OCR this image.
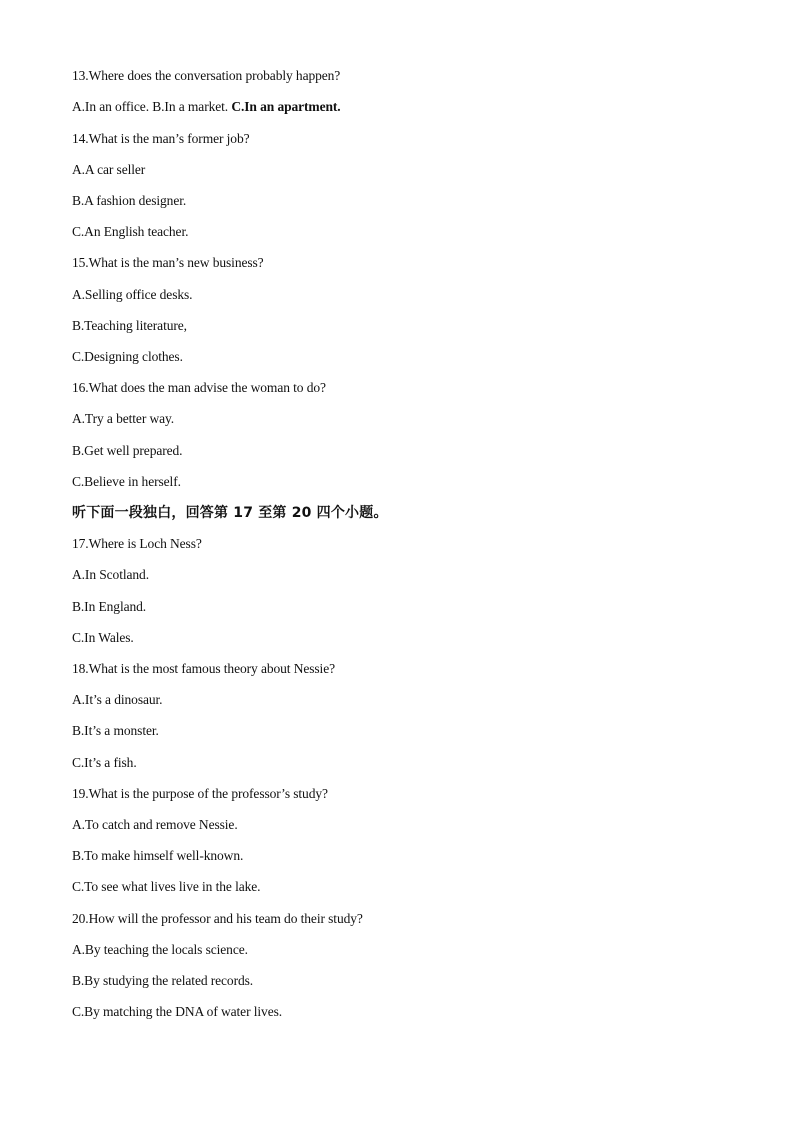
13.Where does the conversation probably happen?
A.In an office. B.In a market. C.In an apartment.
14.What is the man’s former job?
A.A car seller
B.A fashion designer.
C.An English teacher.
15.What is the man’s new business?
A.Selling office desks.
B.Teaching literature,
C.Designing clothes.
16.What does the man advise the woman to do?
A.Try a better way.
B.Get well prepared.
C.Believe in herself.
听下面一段独白，回答第 17 至第 20 四个小题。
17.Where is Loch Ness?
A.In Scotland.
B.In England.
C.In Wales.
18.What is the most famous theory about Nessie?
A.It’s a dinosaur.
B.It’s a monster.
C.It’s a fish.
19.What is the purpose of the professor’s study?
A.To catch and remove Nessie.
B.To make himself well-known.
C.To see what lives live in the lake.
20.How will the professor and his team do their study?
A.By teaching the locals science.
B.By studying the related records.
C.By matching the DNA of water lives.
